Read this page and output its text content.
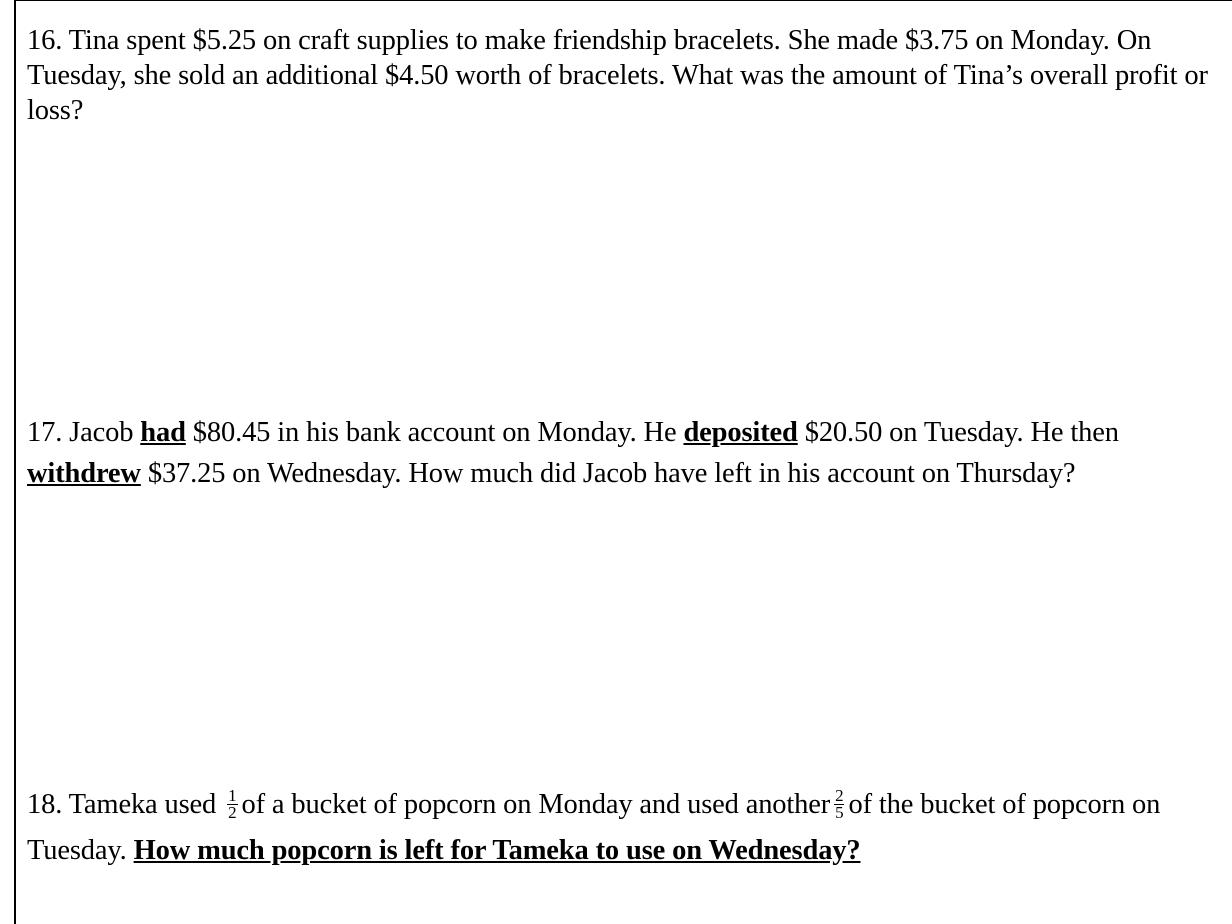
16. Tina spent $5.25 on craft supplies to make friendship bracelets. She made $3.75 on Monday. On Tuesday, she sold an additional $4.50 worth of bracelets. What was the amount of Tina’s overall profit or loss?

17. Jacob had $80.45 in his bank account on Monday. He deposited $20.50 on Tuesday. He then withdrew $37.25 on Wednesday. How much did Jacob have left in his account on Thursday?

18. Tameka used $\frac{1}{2}$ of a bucket of popcorn on Monday and used another $\frac{2}{5}$ of the bucket of popcorn on Tuesday. How much popcorn is left for Tameka to use on Wednesday?
